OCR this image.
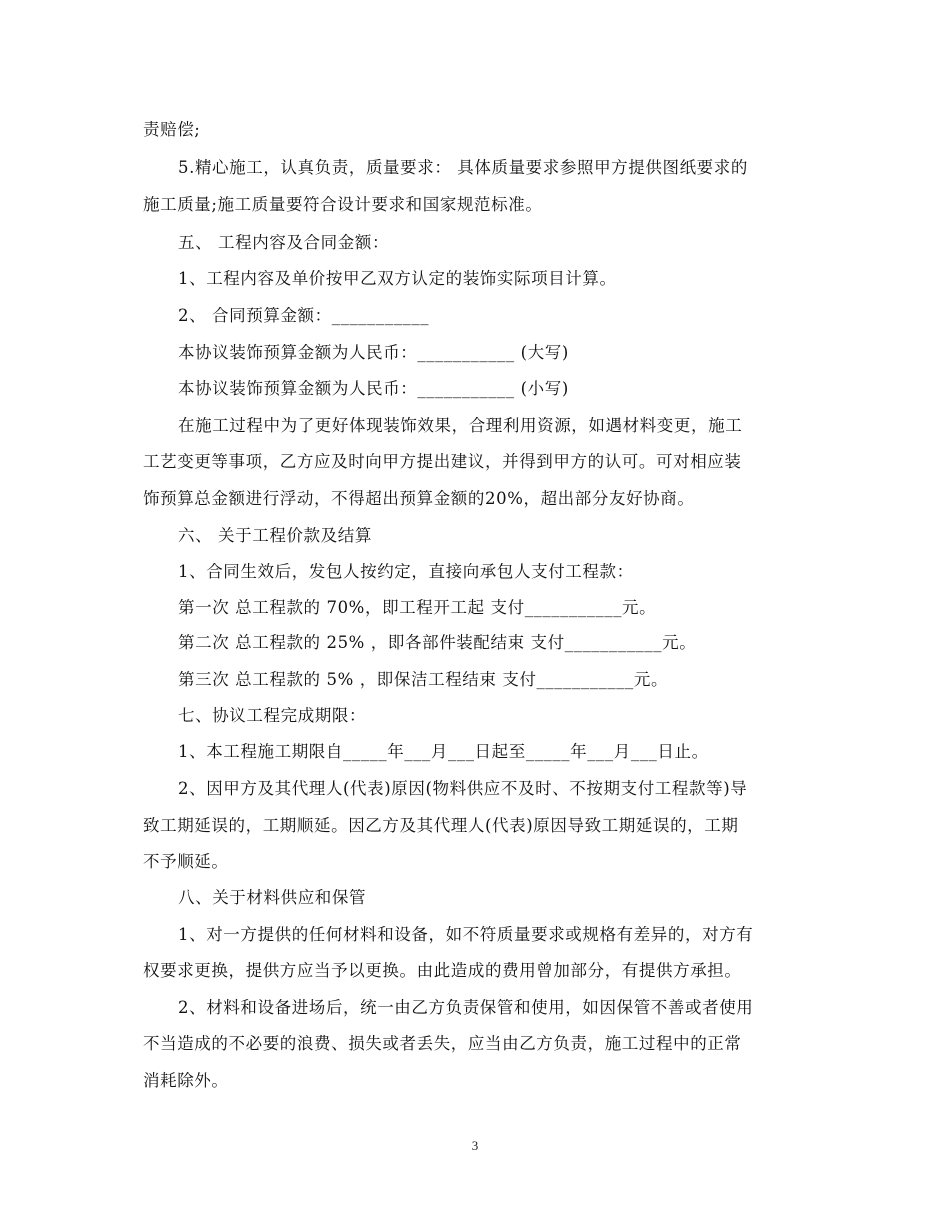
责赔偿;
5.精心施工，认真负责，质量要求： 具体质量要求参照甲方提供图纸要求的
施工质量;施工质量要符合设计要求和国家规范标准。
五、 工程内容及合同金额：
1、工程内容及单价按甲乙双方认定的装饰实际项目计算。
2、 合同预算金额：___________
本协议装饰预算金额为人民币：___________ (大写)
本协议装饰预算金额为人民币：___________ (小写)
在施工过程中为了更好体现装饰效果，合理利用资源，如遇材料变更，施工
工艺变更等事项，乙方应及时向甲方提出建议，并得到甲方的认可。可对相应装
饰预算总金额进行浮动，不得超出预算金额的20%，超出部分友好协商。
六、 关于工程价款及结算
1、合同生效后，发包人按约定，直接向承包人支付工程款：
第一次 总工程款的 70%，即工程开工起 支付___________元。
第二次 总工程款的 25% ，即各部件装配结束 支付___________元。
第三次 总工程款的 5% ，即保洁工程结束 支付___________元。
七、协议工程完成期限：
1、本工程施工期限自_____年___月___日起至_____年___月___日止。
2、因甲方及其代理人(代表)原因(物料供应不及时、不按期支付工程款等)导
致工期延误的，工期顺延。因乙方及其代理人(代表)原因导致工期延误的，工期
不予顺延。
八、关于材料供应和保管
1、对一方提供的任何材料和设备，如不符质量要求或规格有差异的，对方有
权要求更换，提供方应当予以更换。由此造成的费用曾加部分，有提供方承担。
2、材料和设备进场后，统一由乙方负责保管和使用，如因保管不善或者使用
不当造成的不必要的浪费、损失或者丢失，应当由乙方负责，施工过程中的正常
消耗除外。
3
